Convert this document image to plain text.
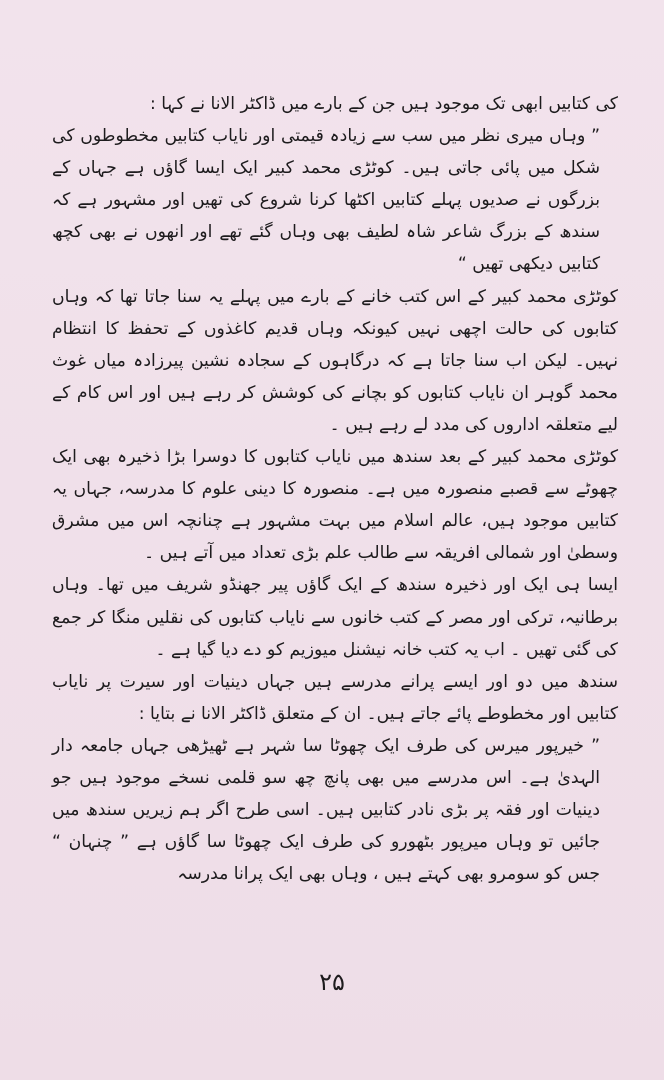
کی کتابیں ابھی تک موجود ہیں جن کے بارے میں ڈاکٹر الانا نے کہا :

” وہاں میری نظر میں سب سے زیادہ قیمتی اور نایاب کتابیں مخطوطوں کی شکل میں پائی جاتی ہیں۔ کوٹڑی محمد کبیر ایک ایسا گاؤں ہے جہاں کے بزرگوں نے صدیوں پہلے کتابیں اکٹھا کرنا شروع کی تھیں اور مشہور ہے کہ سندھ کے بزرگ شاعر شاہ لطیف بھی وہاں گئے تھے اور انھوں نے بھی کچھ کتابیں دیکھی تھیں “

کوٹڑی محمد کبیر کے اس کتب خانے کے بارے میں پہلے یہ سنا جاتا تھا کہ وہاں کتابوں کی حالت اچھی نہیں کیونکہ وہاں قدیم کاغذوں کے تحفظ کا انتظام نہیں۔ لیکن اب سنا جاتا ہے کہ درگاہوں کے سجادہ نشین پیرزادہ میاں غوث محمد گوہر ان نایاب کتابوں کو بچانے کی کوشش کر رہے ہیں اور اس کام کے لیے متعلقہ اداروں کی مدد لے رہے ہیں ۔

کوٹڑی محمد کبیر کے بعد سندھ میں نایاب کتابوں کا دوسرا بڑا ذخیرہ بھی ایک چھوٹے سے قصبے منصورہ میں ہے۔ منصورہ کا دینی علوم کا مدرسہ، جہاں یہ کتابیں موجود ہیں، عالم اسلام میں بہت مشہور ہے چنانچہ اس میں مشرق وسطیٰ اور شمالی افریقہ سے طالب علم بڑی تعداد میں آتے ہیں ۔

ایسا ہی ایک اور ذخیرہ سندھ کے ایک گاؤں پیر جھنڈو شریف میں تھا۔ وہاں برطانیہ، ترکی اور مصر کے کتب خانوں سے نایاب کتابوں کی نقلیں منگا کر جمع کی گئی تھیں ۔ اب یہ کتب خانہ نیشنل میوزیم کو دے دیا گیا ہے ۔

سندھ میں دو اور ایسے پرانے مدرسے ہیں جہاں دینیات اور سیرت پر نایاب کتابیں اور مخطوطے پائے جاتے ہیں۔ ان کے متعلق ڈاکٹر الانا نے بتایا :

” خیرپور میرس کی طرف ایک چھوٹا سا شہر ہے ٹھیڑھی جہاں جامعہ دار الہدیٰ ہے۔ اس مدرسے میں بھی پانچ چھ سو قلمی نسخے موجود ہیں جو دینیات اور فقہ پر بڑی نادر کتابیں ہیں۔ اسی طرح اگر ہم زیریں سندھ میں جائیں تو وہاں میرپور بٹھورو کی طرف ایک چھوٹا سا گاؤں ہے ” چنہان “ جس کو سومرو بھی کہتے ہیں ، وہاں بھی ایک پرانا مدرسہ

۲۵
